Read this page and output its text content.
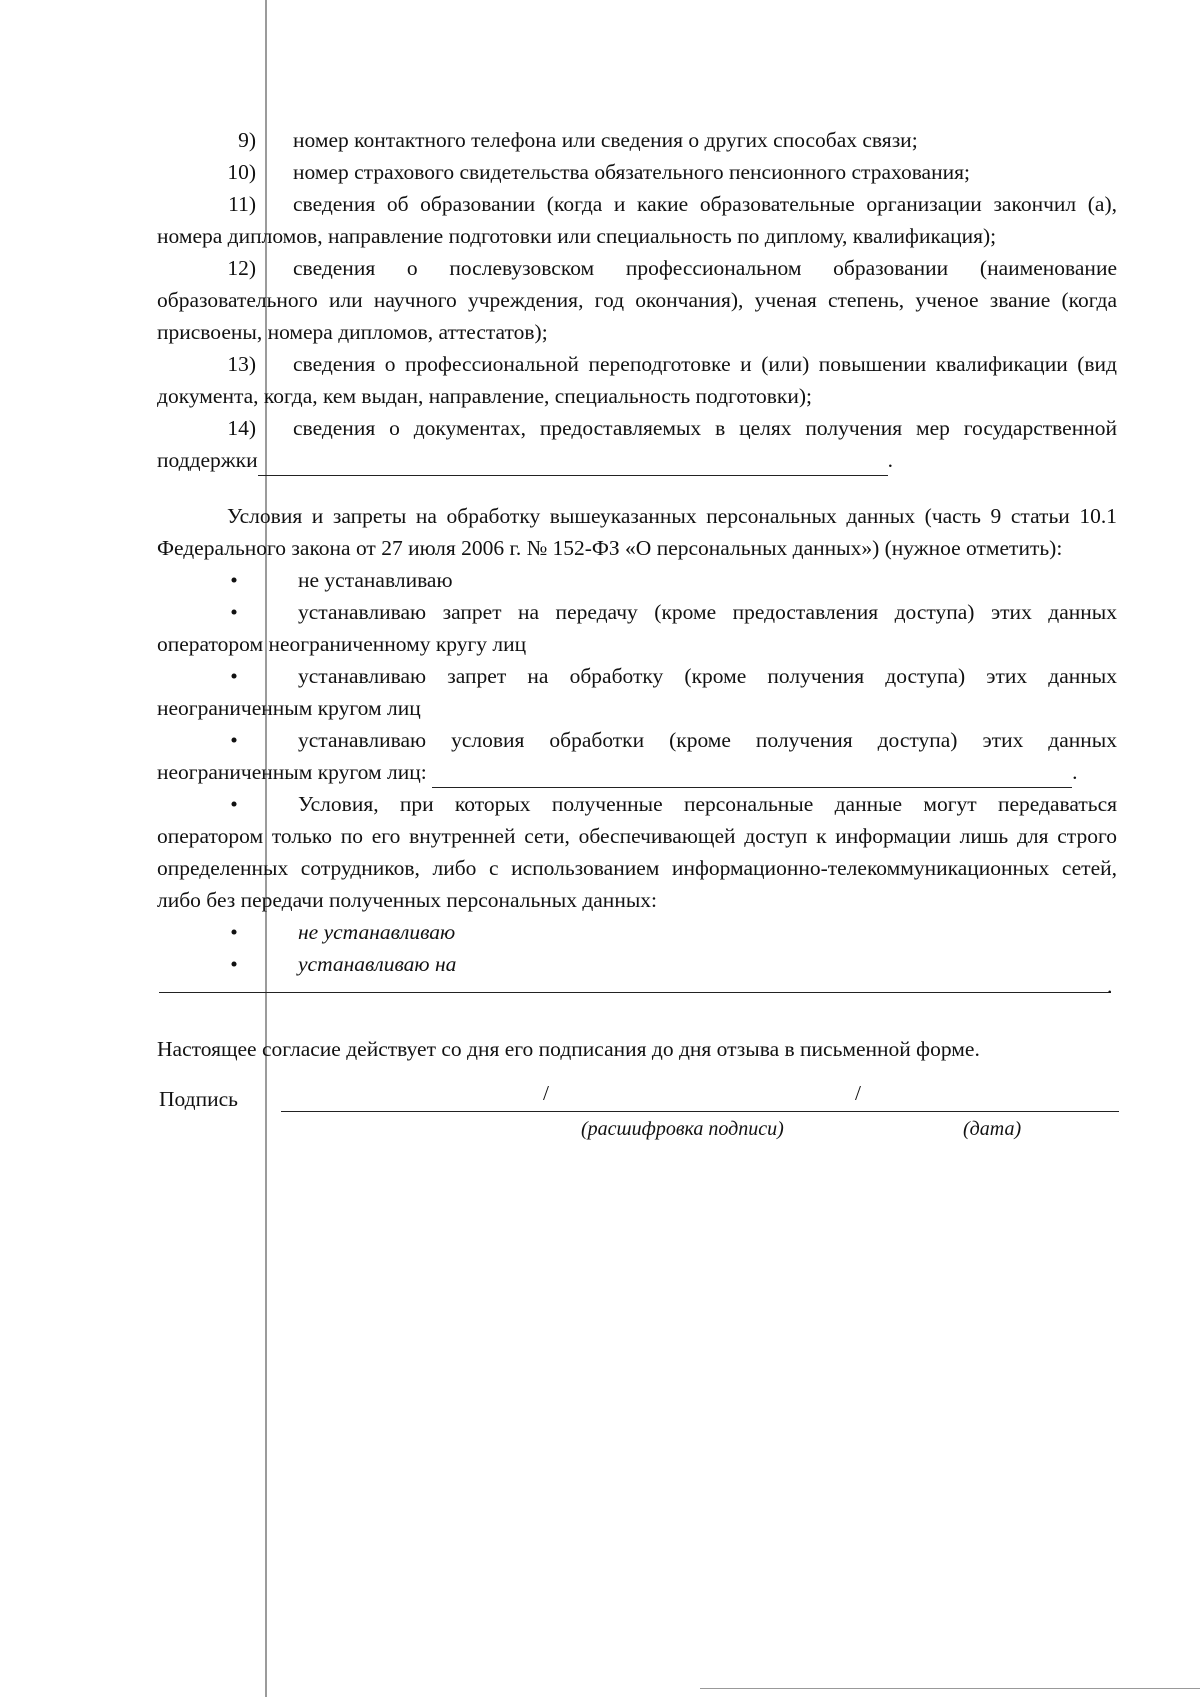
9) номер контактного телефона или сведения о других способах связи;

10) номер страхового свидетельства обязательного пенсионного страхования;

11) сведения об образовании (когда и какие образовательные организации закончил (а), номера дипломов, направление подготовки или специальность по диплому, квалификация);

12) сведения о послевузовском профессиональном образовании (наименование образовательного или научного учреждения, год окончания), ученая степень, ученое звание (когда присвоены, номера дипломов, аттестатов);

13) сведения о профессиональной переподготовке и (или) повышении квалификации (вид документа, когда, кем выдан, направление, специальность подготовки);

14) сведения о документах, предоставляемых в целях получения мер государственной поддержки	.

Условия и запреты на обработку вышеуказанных персональных данных (часть 9 статьи 10.1 Федерального закона от 27 июля 2006 г. № 152-ФЗ «О персональных данных») (нужное отметить):

•	не устанавливаю

•	устанавливаю запрет на передачу (кроме предоставления доступа) этих данных оператором неограниченному кругу лиц

•	устанавливаю запрет на обработку (кроме получения доступа) этих данных неограниченным кругом лиц

•	устанавливаю условия обработки (кроме получения доступа) этих данных неограниченным кругом лиц:	.

•	Условия, при которых полученные персональные данные могут передаваться оператором только по его внутренней сети, обеспечивающей доступ к информации лишь для строго определенных сотрудников, либо с использованием информационно-телекоммуникационных сетей, либо без передачи полученных персональных данных:

•	не устанавливаю

•	устанавливаю на

.

Настоящее согласие действует со дня его подписания до дня отзыва в письменной форме.

Подпись	/	/
(расшифровка подписи)	(дата)
